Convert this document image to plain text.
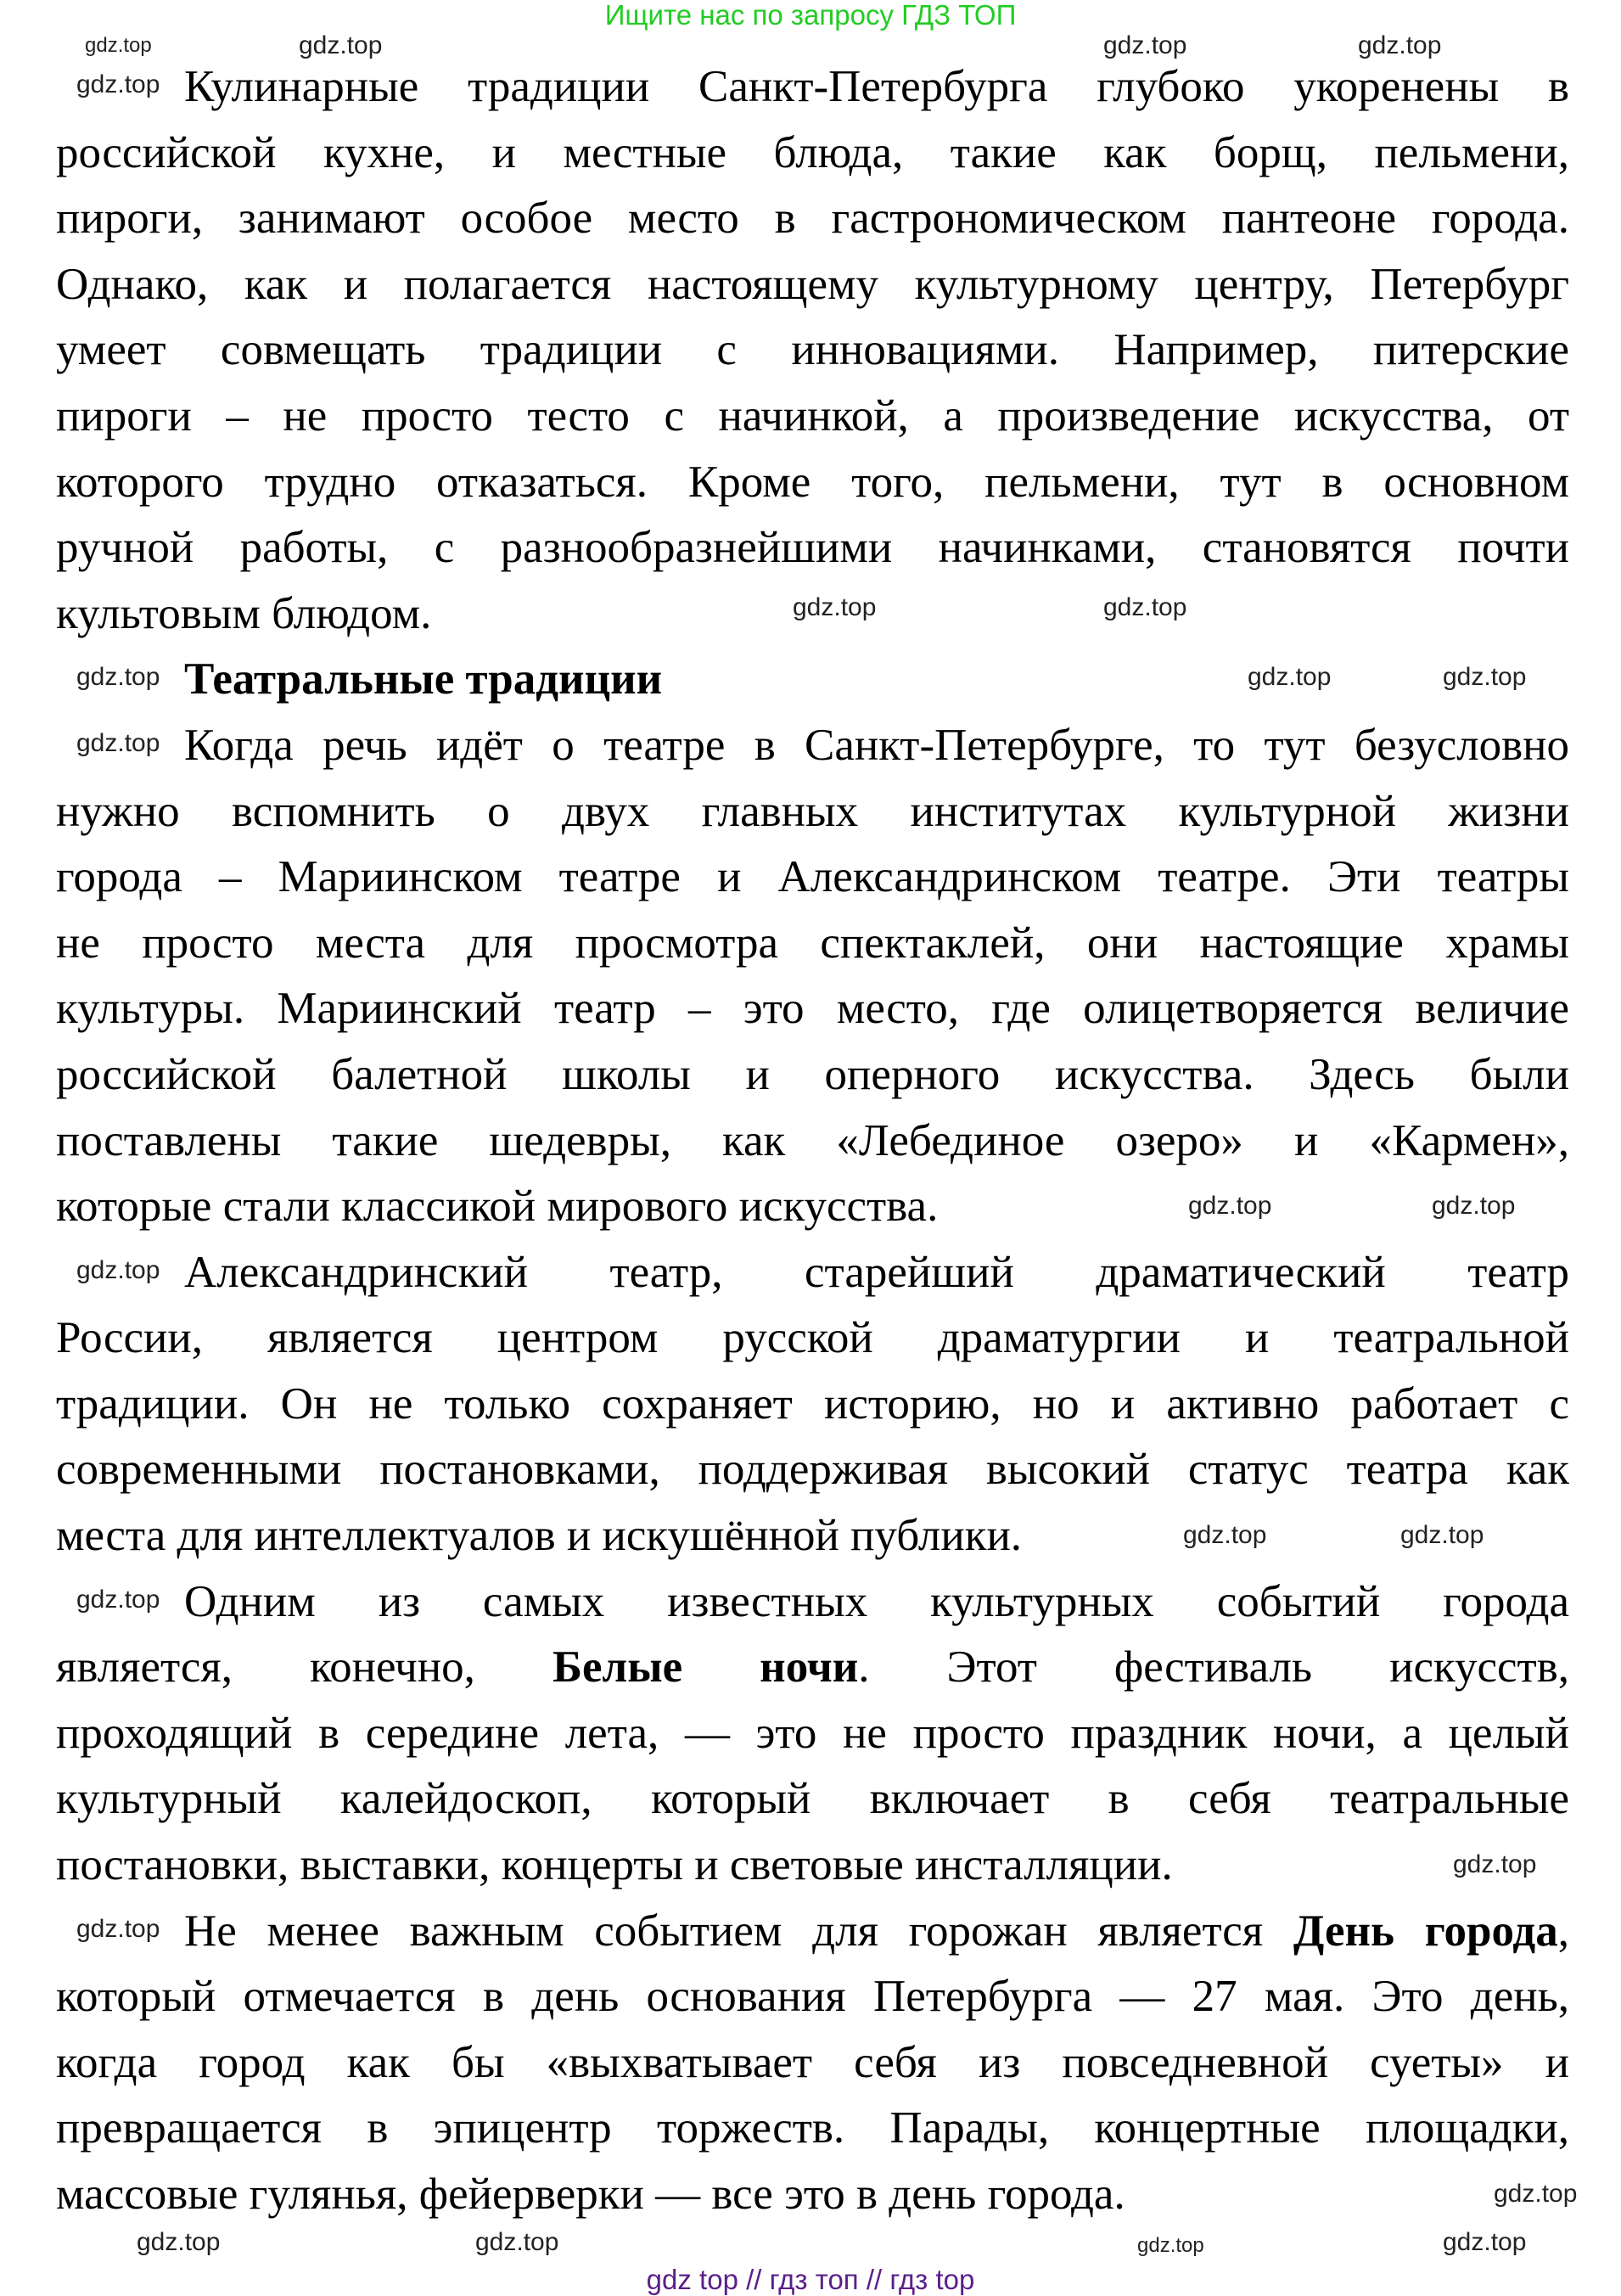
Ищите нас по запросу ГДЗ ТОП
Кулинарные традиции Санкт-Петербурга глубоко укоренены в
российской кухне, и местные блюда, такие как борщ, пельмени,
пироги, занимают особое место в гастрономическом пантеоне города.
Однако, как и полагается настоящему культурному центру, Петербург
умеет совмещать традиции с инновациями. Например, питерские
пироги – не просто тесто с начинкой, а произведение искусства, от
которого трудно отказаться. Кроме того, пельмени, тут в основном
ручной работы, с разнообразнейшими начинками, становятся почти
культовым блюдом.
Театральные традиции
Когда речь идёт о театре в Санкт-Петербурге, то тут безусловно
нужно вспомнить о двух главных институтах культурной жизни
города – Мариинском театре и Александринском театре. Эти театры
не просто места для просмотра спектаклей, они настоящие храмы
культуры. Мариинский театр – это место, где олицетворяется величие
российской балетной школы и оперного искусства. Здесь были
поставлены такие шедевры, как «Лебединое озеро» и «Кармен»,
которые стали классикой мирового искусства.
Александринский театр, старейший драматический театр
России, является центром русской драматургии и театральной
традиции. Он не только сохраняет историю, но и активно работает с
современными постановками, поддерживая высокий статус театра как
места для интеллектуалов и искушённой публики.
Одним из самых известных культурных событий города
является, конечно, Белые ночи. Этот фестиваль искусств,
проходящий в середине лета, — это не просто праздник ночи, а целый
культурный калейдоскоп, который включает в себя театральные
постановки, выставки, концерты и световые инсталляции.
Не менее важным событием для горожан является День города,
который отмечается в день основания Петербурга — 27 мая. Это день,
когда город как бы «выхватывает себя из повседневной суеты» и
превращается в эпицентр торжеств. Парады, концертные площадки,
массовые гулянья, фейерверки — все это в день города.
gdz.top	gdz.top	gdz.top
gdz.top
gdz.top
gdz.top	gdz.top
gdz.top	gdz.top	gdz.top
gdz.top
gdz.top	gdz.top
gdz.top
gdz.top	gdz.top
gdz.top
gdz.top
gdz.top
gdz.top
gdz.top	gdz.top	gdz.top	gdz.top
gdz top // гдз топ // гдз top
